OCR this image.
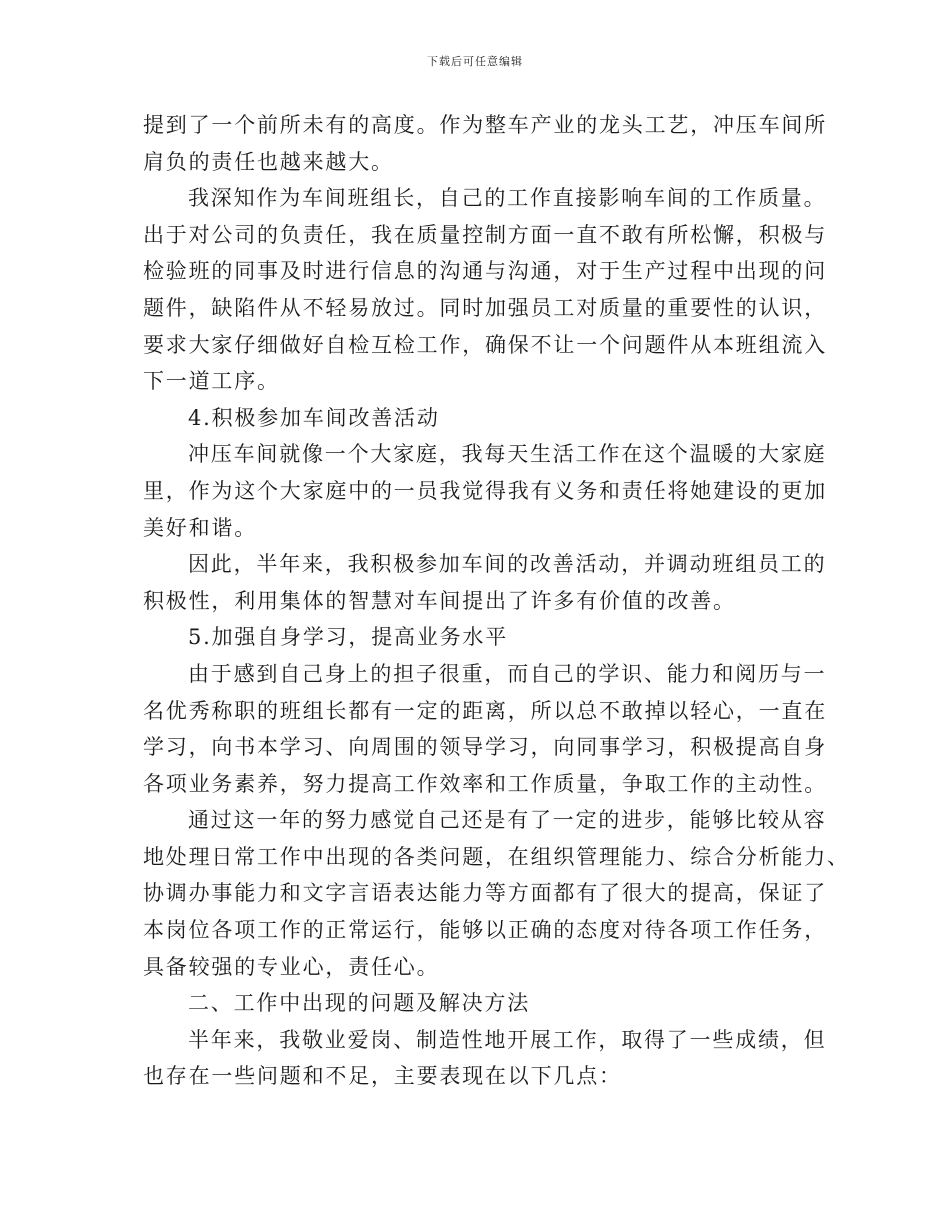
下载后可任意编辑

提到了一个前所未有的高度。作为整车产业的龙头工艺，冲压车间所

肩负的责任也越来越大。

我深知作为车间班组长，自己的工作直接影响车间的工作质量。

出于对公司的负责任，我在质量控制方面一直不敢有所松懈，积极与

检验班的同事及时进行信息的沟通与沟通，对于生产过程中出现的问

题件，缺陷件从不轻易放过。同时加强员工对质量的重要性的认识，

要求大家仔细做好自检互检工作，确保不让一个问题件从本班组流入

下一道工序。

4.积极参加车间改善活动

冲压车间就像一个大家庭，我每天生活工作在这个温暖的大家庭

里，作为这个大家庭中的一员我觉得我有义务和责任将她建设的更加

美好和谐。

因此，半年来，我积极参加车间的改善活动，并调动班组员工的

积极性，利用集体的智慧对车间提出了许多有价值的改善。

5.加强自身学习，提高业务水平

由于感到自己身上的担子很重，而自己的学识、能力和阅历与一

名优秀称职的班组长都有一定的距离，所以总不敢掉以轻心，一直在

学习，向书本学习、向周围的领导学习，向同事学习，积极提高自身

各项业务素养，努力提高工作效率和工作质量，争取工作的主动性。

通过这一年的努力感觉自己还是有了一定的进步，能够比较从容

地处理日常工作中出现的各类问题，在组织管理能力、综合分析能力、

协调办事能力和文字言语表达能力等方面都有了很大的提高，保证了

本岗位各项工作的正常运行，能够以正确的态度对待各项工作任务，

具备较强的专业心，责任心。

二、工作中出现的问题及解决方法

半年来，我敬业爱岗、制造性地开展工作，取得了一些成绩，但

也存在一些问题和不足，主要表现在以下几点：
